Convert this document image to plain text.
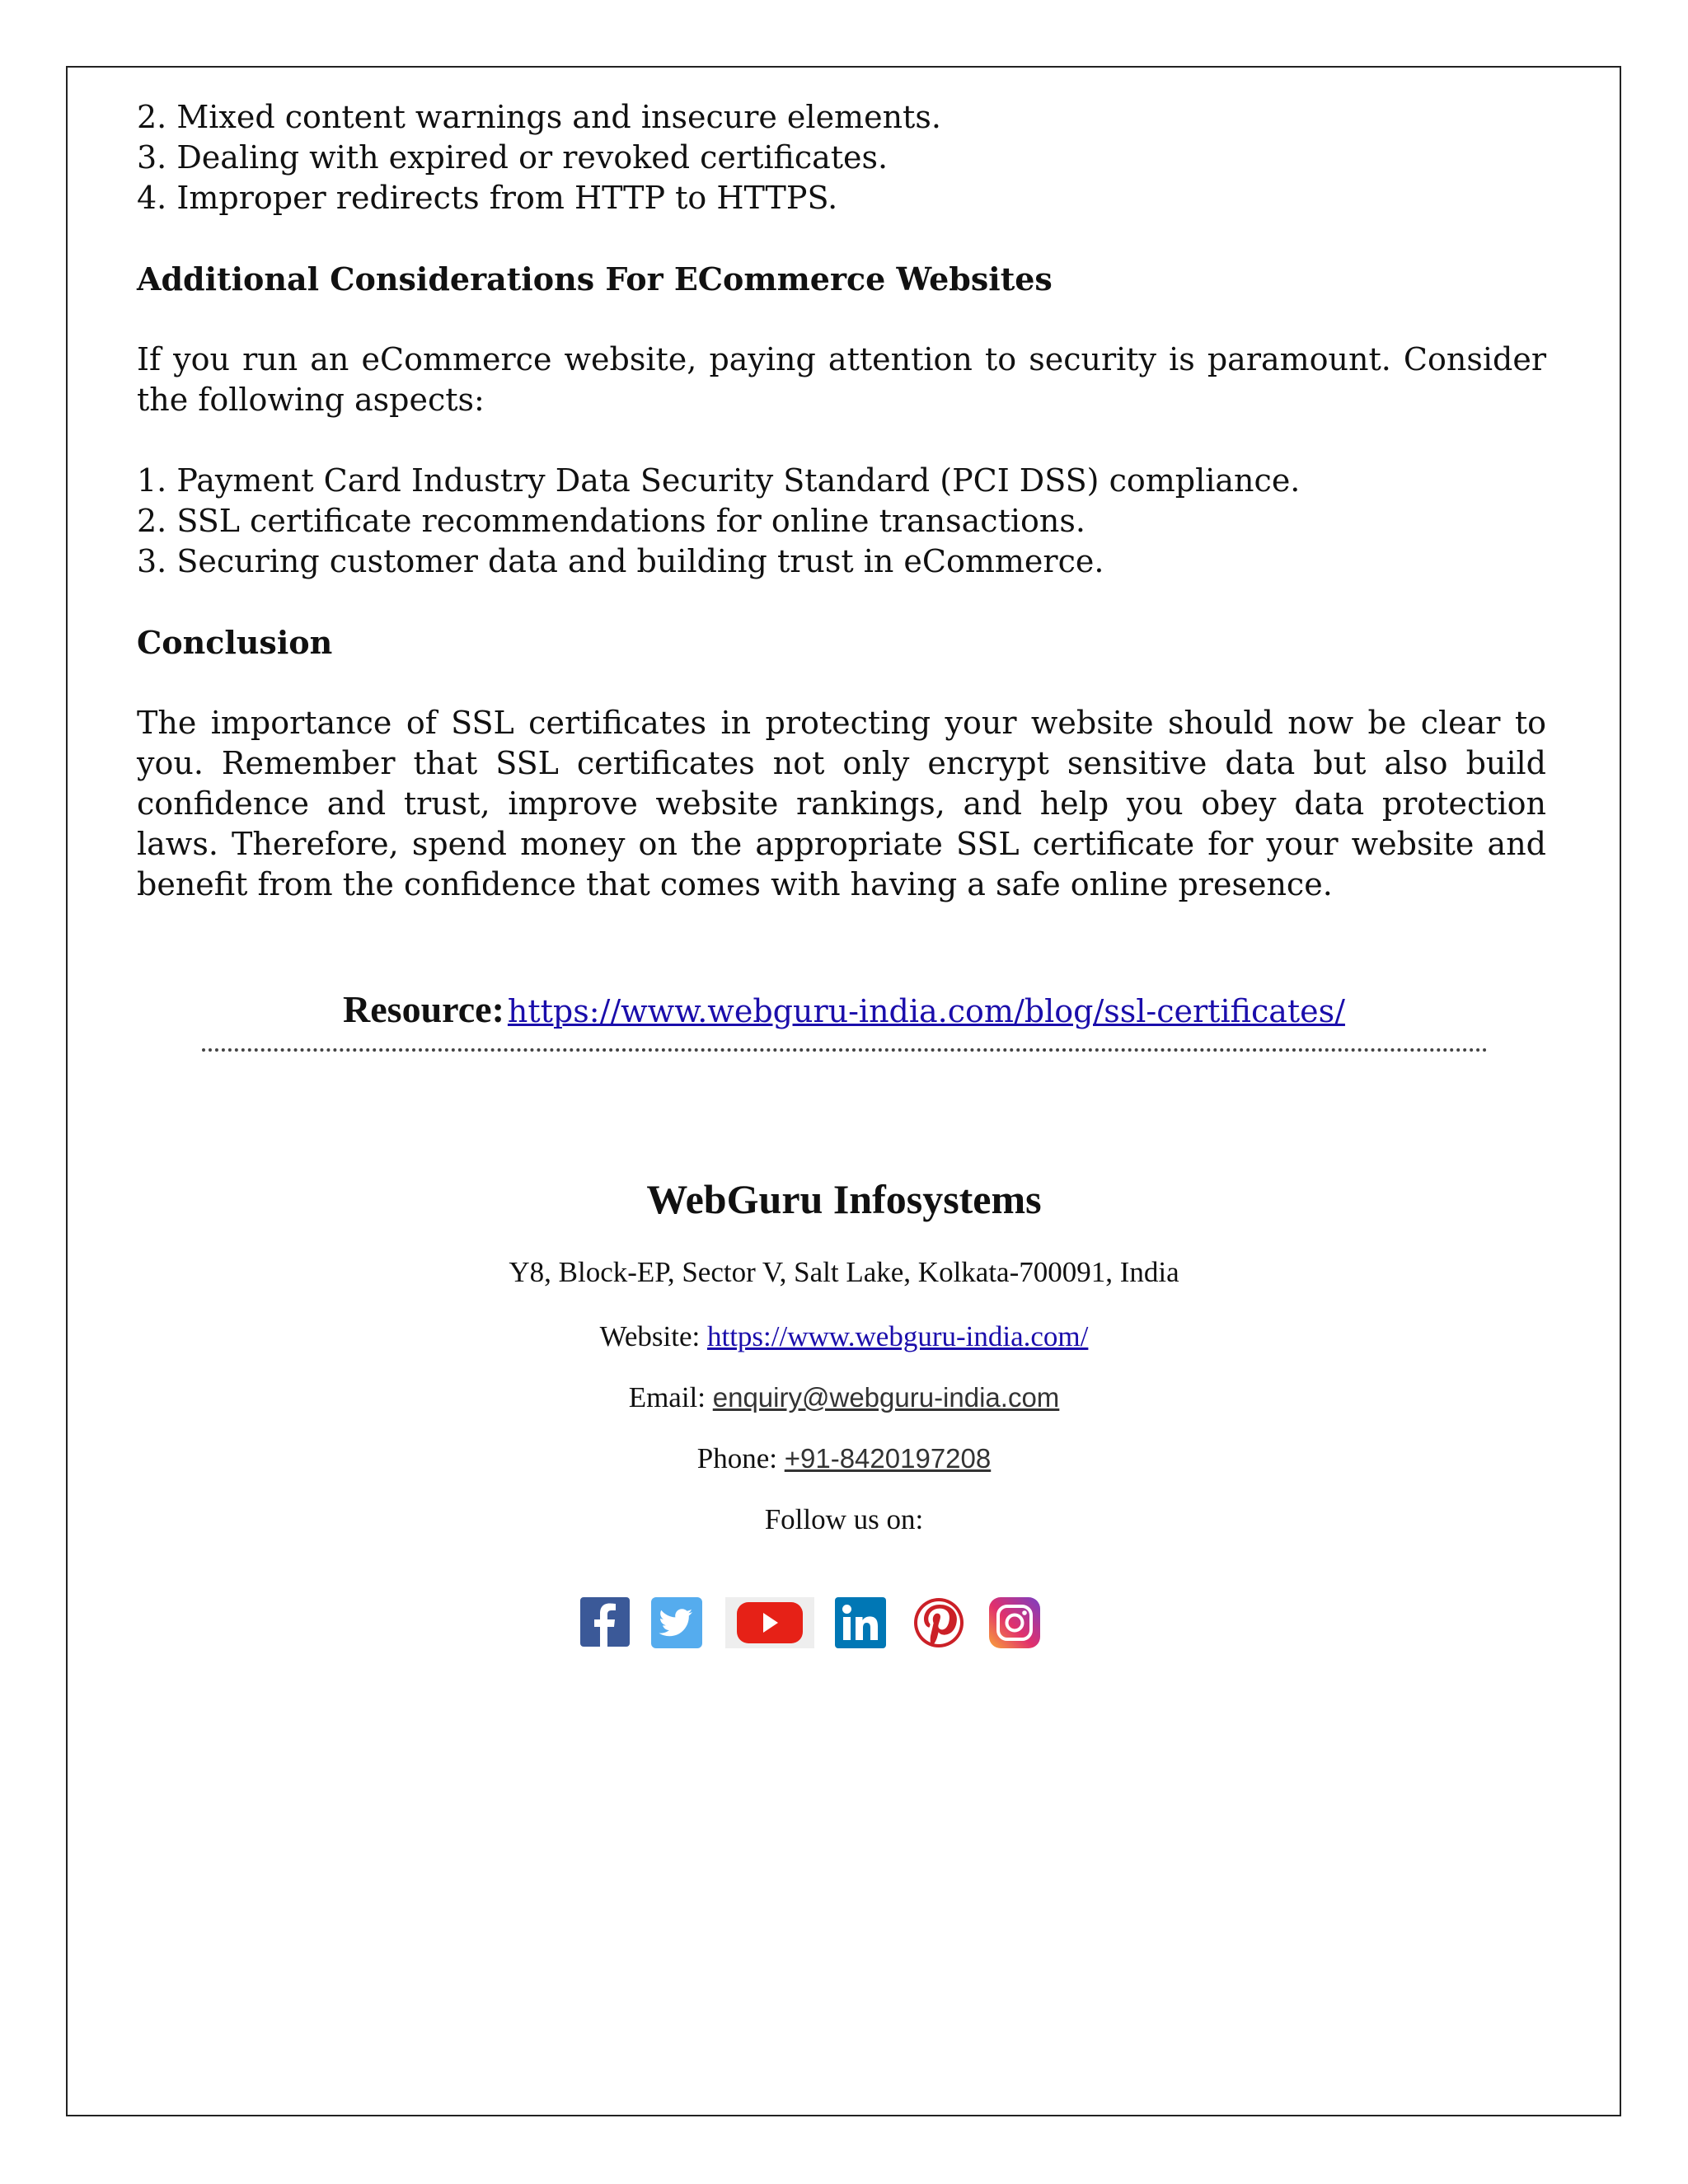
2. Mixed content warnings and insecure elements.

3. Dealing with expired or revoked certificates.

4. Improper redirects from HTTP to HTTPS.

Additional Considerations For ECommerce Websites

If you run an eCommerce website, paying attention to security is paramount. Consider the following aspects:

1. Payment Card Industry Data Security Standard (PCI DSS) compliance.

2. SSL certificate recommendations for online transactions.

3. Securing customer data and building trust in eCommerce.

Conclusion

The importance of SSL certificates in protecting your website should now be clear to you. Remember that SSL certificates not only encrypt sensitive data but also build confidence and trust, improve website rankings, and help you obey data protection laws. Therefore, spend money on the appropriate SSL certificate for your website and benefit from the confidence that comes with having a safe online presence.

Resource: https://www.webguru-india.com/blog/ssl-certificates/

WebGuru Infosystems

Y8, Block-EP, Sector V, Salt Lake, Kolkata-700091, India
Website: https://www.webguru-india.com/
Email: enquiry@webguru-india.com
Phone: +91-8420197208
Follow us on:
